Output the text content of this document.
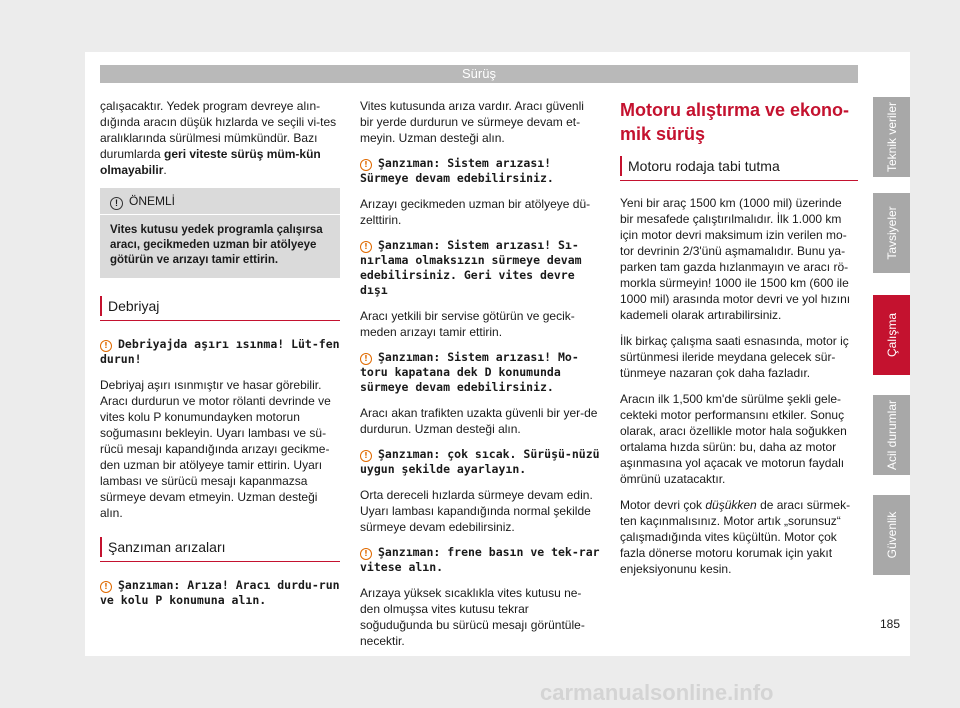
Sürüş

çalışacaktır. Yedek program devreye alın-dığında aracın düşük hızlarda ve seçili vi-tes aralıklarında sürülmesi mümkündür. Bazı durumlarda geri viteste sürüş müm-kün olmayabilir.

! ÖNEMLİ
Vites kutusu yedek programla çalışırsa aracı, gecikmeden uzman bir atölyeye götürün ve arızayı tamir ettirin.
Debriyaj
! Debriyajda aşırı ısınma! Lüt-fen durun!

Debriyaj aşırı ısınmıştır ve hasar görebilir. Aracı durdurun ve motor rölanti devrinde ve vites kolu P konumundayken motorun soğumasını bekleyin. Uyarı lambası ve sü-rücü mesajı kapandığında arızayı gecikme-den uzman bir atölyeye tamir ettirin. Uyarı lambası ve sürücü mesajı kapanmazsa sürmeye devam etmeyin. Uzman desteği alın.

Şanzıman arızaları
! Şanzıman: Arıza! Aracı durdu-run ve kolu P konumuna alın.

Vites kutusunda arıza vardır. Aracı güvenli bir yerde durdurun ve sürmeye devam et-meyin. Uzman desteği alın.

! Şanzıman: Sistem arızası! Sürmeye devam edebilirsiniz.

Arızayı gecikmeden uzman bir atölyeye dü-zelttirin.

! Şanzıman: Sistem arızası! Sı-nırlama olmaksızın sürmeye devam edebilirsiniz. Geri vites devre dışı

Aracı yetkili bir servise götürün ve gecik-meden arızayı tamir ettirin.

! Şanzıman: Sistem arızası! Mo-toru kapatana dek D konumunda sürmeye devam edebilirsiniz.

Aracı akan trafikten uzakta güvenli bir yer-de durdurun. Uzman desteği alın.

! Şanzıman: çok sıcak. Sürüşü-nüzü uygun şekilde ayarlayın.

Orta dereceli hızlarda sürmeye devam edin. Uyarı lambası kapandığında normal şekilde sürmeye devam edebilirsiniz.

! Şanzıman: frene basın ve tek-rar vitese alın.

Arızaya yüksek sıcaklıkla vites kutusu ne-den olmuşsa vites kutusu tekrar soğuduğunda bu sürücü mesajı görüntüle-necektir.

Motoru alıştırma ve ekono-mik sürüş
Motoru rodaja tabi tutma

Yeni bir araç 1500 km (1000 mil) üzerinde bir mesafede çalıştırılmalıdır. İlk 1.000 km için motor devri maksimum izin verilen mo-tor devrinin 2/3'ünü aşmamalıdır. Bunu ya-parken tam gazda hızlanmayın ve aracı rö-morkla sürmeyin! 1000 ile 1500 km (600 ile 1000 mil) arasında motor devri ve yol hızını kademeli olarak artırabilirsiniz.

İlk birkaç çalışma saati esnasında, motor iç sürtünmesi ileride meydana gelecek sür-tünmeye nazaran çok daha fazladır.

Aracın ilk 1,500 km'de sürülme şekli gele-cekteki motor performansını etkiler. Sonuç olarak, aracı özellikle motor hala soğukken ortalama hızda sürün: bu, daha az motor aşınmasına yol açacak ve motorun faydalı ömrünü uzatacaktır.

Motor devri çok düşükken de aracı sürmek-ten kaçınmalısınız. Motor artık „sorunsuz“ çalışmadığında vites küçültün. Motor çok fazla dönerse motoru korumak için yakıt enjeksiyonunu kesin.

Teknik veriler
Tavsiyeler
Çalışma
Acil durumlar
Güvenlik
185
carmanualsonline.info
